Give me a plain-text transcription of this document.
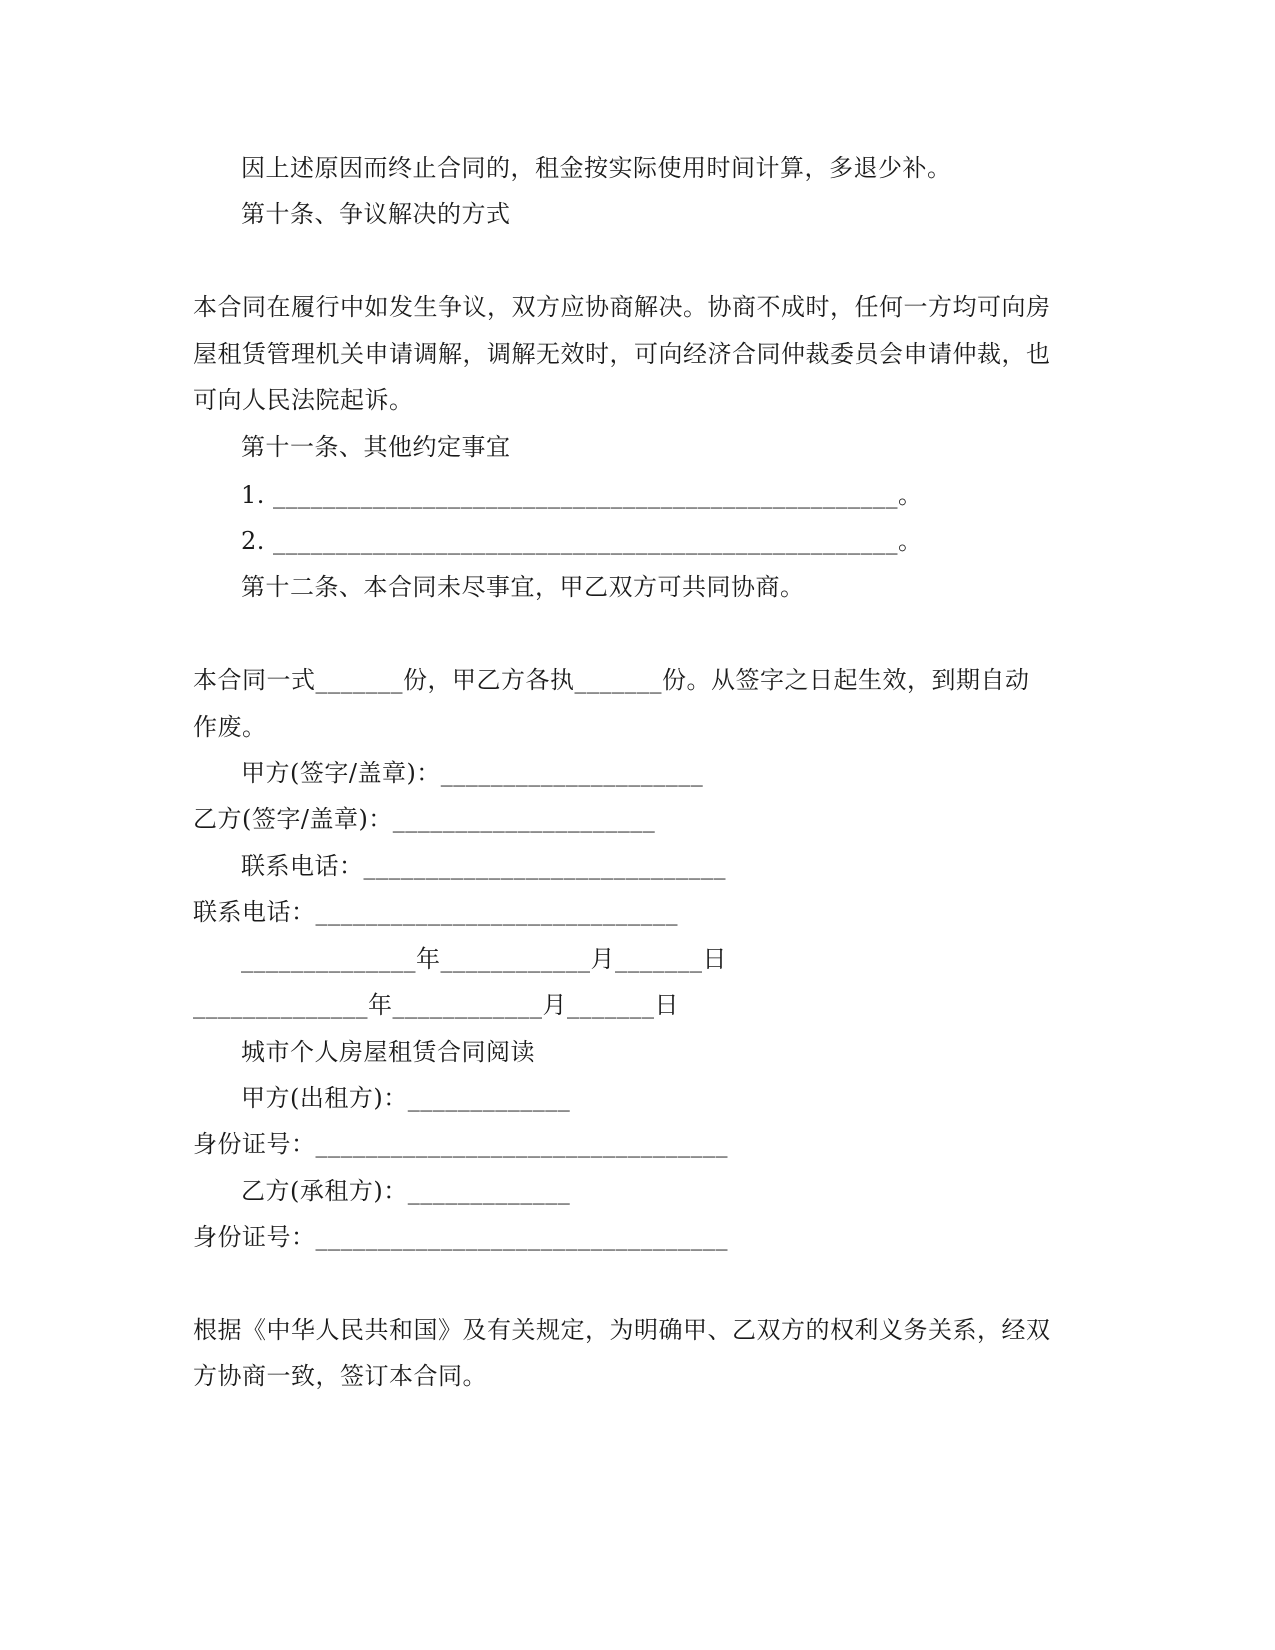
因上述原因而终止合同的，租金按实际使用时间计算，多退少补。
第十条、争议解决的方式
本合同在履行中如发生争议，双方应协商解决。协商不成时，任何一方均可向房
屋租赁管理机关申请调解，调解无效时，可向经济合同仲裁委员会申请仲裁，也
可向人民法院起诉。
第十一条、其他约定事宜
1. __________________________________________________。
2. __________________________________________________。
第十二条、本合同未尽事宜，甲乙双方可共同协商。
本合同一式_______份，甲乙方各执_______份。从签字之日起生效，到期自动
作废。
甲方(签字/盖章)：_____________________
乙方(签字/盖章)：_____________________
联系电话：_____________________________
联系电话：_____________________________
______________年____________月_______日
______________年____________月_______日
城市个人房屋租赁合同阅读
甲方(出租方)：_____________
身份证号：_________________________________
乙方(承租方)：_____________
身份证号：_________________________________
根据《中华人民共和国》及有关规定，为明确甲、乙双方的权利义务关系，经双
方协商一致，签订本合同。
